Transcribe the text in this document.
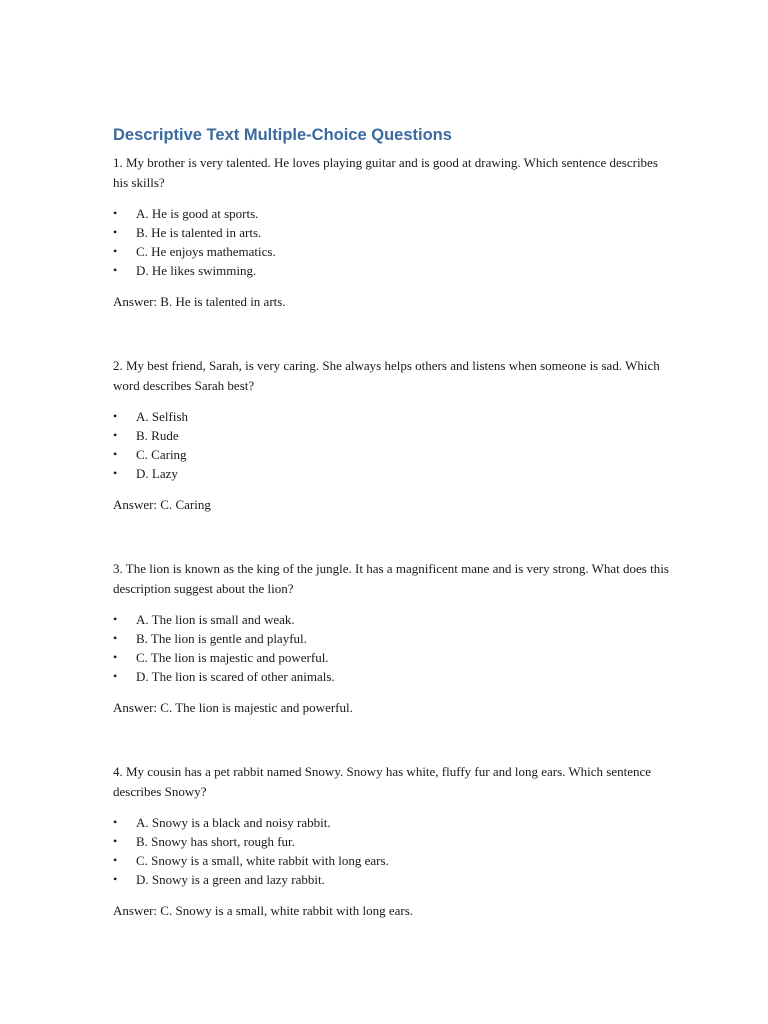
Descriptive Text Multiple-Choice Questions

1. My brother is very talented. He loves playing guitar and is good at drawing. Which sentence describes his skills?

• A. He is good at sports.
• B. He is talented in arts.
• C. He enjoys mathematics.
• D. He likes swimming.

Answer: B. He is talented in arts.

2. My best friend, Sarah, is very caring. She always helps others and listens when someone is sad. Which word describes Sarah best?

• A. Selfish
• B. Rude
• C. Caring
• D. Lazy

Answer: C. Caring

3. The lion is known as the king of the jungle. It has a magnificent mane and is very strong. What does this description suggest about the lion?

• A. The lion is small and weak.
• B. The lion is gentle and playful.
• C. The lion is majestic and powerful.
• D. The lion is scared of other animals.

Answer: C. The lion is majestic and powerful.

4. My cousin has a pet rabbit named Snowy. Snowy has white, fluffy fur and long ears. Which sentence describes Snowy?

• A. Snowy is a black and noisy rabbit.
• B. Snowy has short, rough fur.
• C. Snowy is a small, white rabbit with long ears.
• D. Snowy is a green and lazy rabbit.

Answer: C. Snowy is a small, white rabbit with long ears.
